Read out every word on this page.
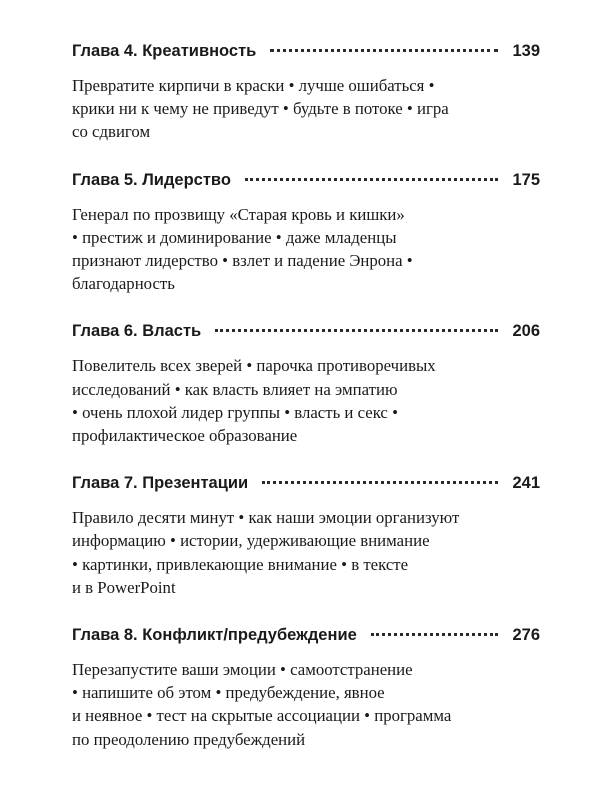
Глава 4. Креативность	139
Превратите кирпичи в краски • лучше ошибаться •
крики ни к чему не приведут • будьте в потоке • игра
со сдвигом
Глава 5. Лидерство	175
Генерал по прозвищу «Старая кровь и кишки»
• престиж и доминирование • даже младенцы
признают лидерство • взлет и падение Энрона •
благодарность
Глава 6. Власть	206
Повелитель всех зверей • парочка противоречивых
исследований • как власть влияет на эмпатию
• очень плохой лидер группы • власть и секс •
профилактическое образование
Глава 7. Презентации	241
Правило десяти минут • как наши эмоции организуют
информацию • истории, удерживающие внимание
• картинки, привлекающие внимание • в тексте
и в PowerPoint
Глава 8. Конфликт/предубеждение	276
Перезапустите ваши эмоции • самоотстранение
• напишите об этом • предубеждение, явное
и неявное • тест на скрытые ассоциации • программа
по преодолению предубеждений
